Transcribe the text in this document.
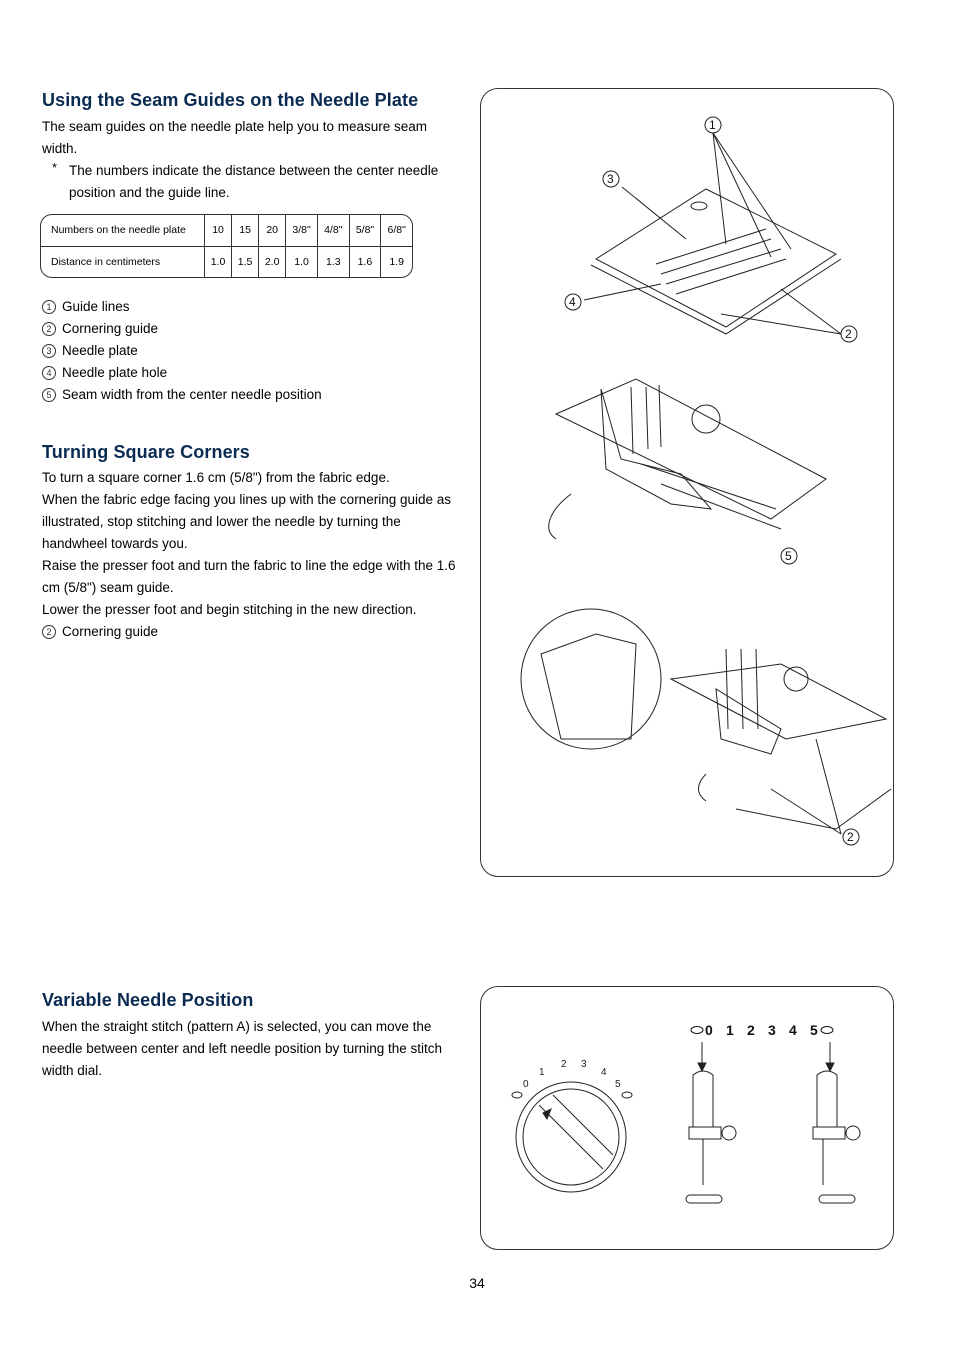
Using the Seam Guides on the Needle Plate

The seam guides on the needle plate help you to measure seam width.

* The numbers indicate the distance between the center needle position and the guide line.

Numbers on the needle plate	10	15	20	3/8"	4/8"	5/8"	6/8"
Distance in centimeters	1.0	1.5	2.0	1.0	1.3	1.6	1.9
1 Guide lines
2 Cornering guide
3 Needle plate
4 Needle plate hole
5 Seam width from the center needle position
Turning Square Corners

To turn a square corner 1.6 cm (5/8") from the fabric edge.

When the fabric edge facing you lines up with the cornering guide as illustrated, stop stitching and lower the needle by turning the handwheel towards you.

Raise the presser foot and turn the fabric to line the edge with the 1.6 cm (5/8") seam guide.

Lower the presser foot and begin stitching in the new direction.

2 Cornering guide
1
2
3
4
5
2
Variable Needle Position

When the straight stitch (pattern A) is selected, you can move the needle between center and left needle position by turning the stitch width dial.

0 1 2 3 4 5
0
1
2 3
4
5
34
